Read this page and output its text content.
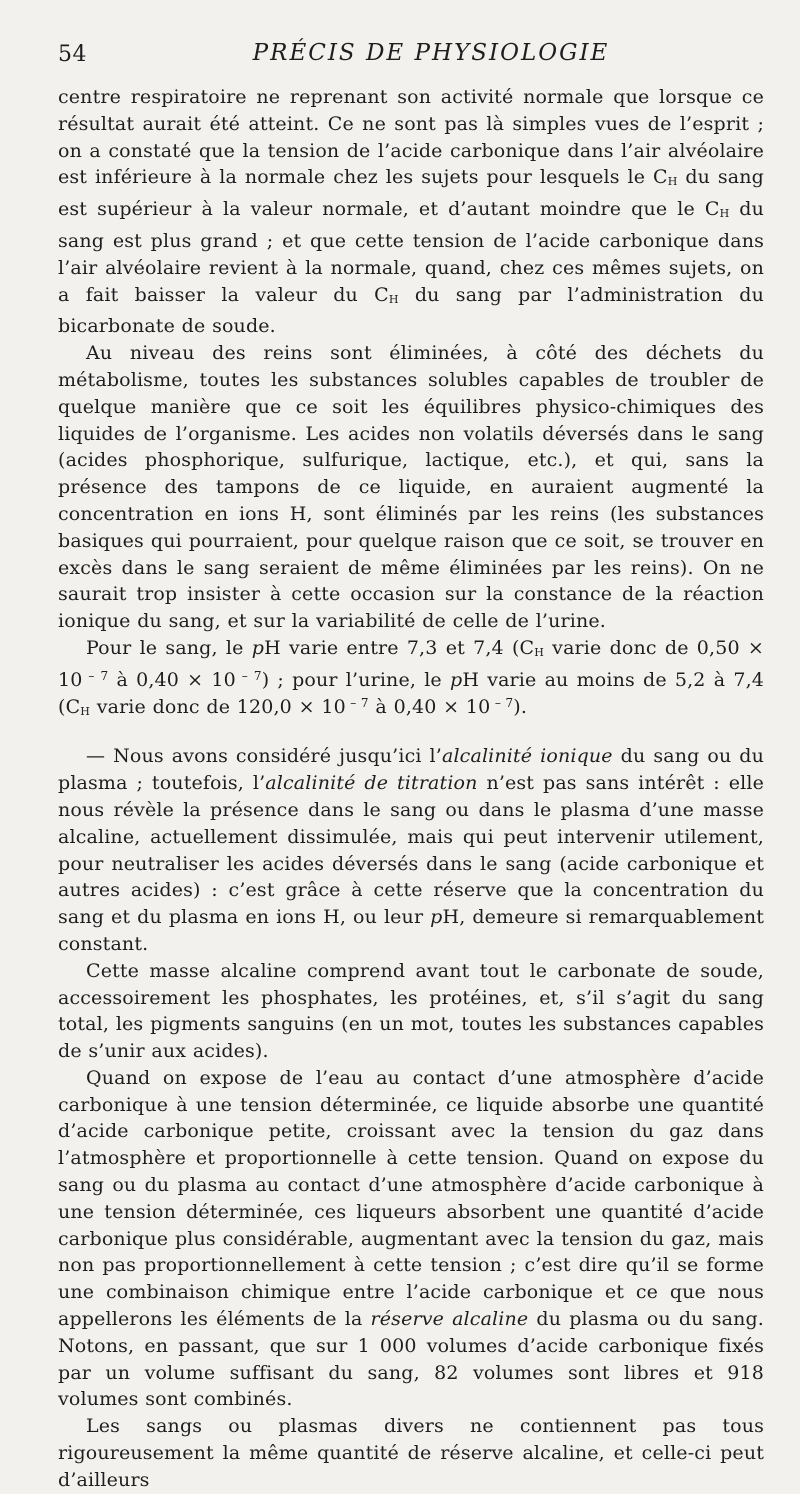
54	PRÉCIS DE PHYSIOLOGIE

centre respiratoire ne reprenant son activité normale que lorsque ce résultat aurait été atteint. Ce ne sont pas là simples vues de l’esprit ; on a constaté que la tension de l’acide carbonique dans l’air alvéolaire est inférieure à la normale chez les sujets pour lesquels le $C_H$ du sang est supérieur à la valeur normale, et d’autant moindre que le $C_H$ du sang est plus grand ; et que cette tension de l’acide carbonique dans l’air alvéolaire revient à la normale, quand, chez ces mêmes sujets, on a fait baisser la valeur du $C_H$ du sang par l’administration du bicarbonate de soude.

Au niveau des reins sont éliminées, à côté des déchets du métabolisme, toutes les substances solubles capables de troubler de quelque manière que ce soit les équilibres physico-chimiques des liquides de l’organisme. Les acides non volatils déversés dans le sang (acides phosphorique, sulfurique, lactique, etc.), et qui, sans la présence des tampons de ce liquide, en auraient augmenté la concentration en ions H, sont éliminés par les reins (les substances basiques qui pourraient, pour quelque raison que ce soit, se trouver en excès dans le sang seraient de même éliminées par les reins). On ne saurait trop insister à cette occasion sur la constance de la réaction ionique du sang, et sur la variabilité de celle de l’urine.

Pour le sang, le pH varie entre 7,3 et 7,4 ($C_H$ varie donc de 0,50 × 10 $^{- 7}$ à 0,40 × 10 $^{- 7}$) ; pour l’urine, le pH varie au moins de 5,2 à 7,4 ($C_H$ varie donc de 120,0 × 10 $^{- 7}$ à 0,40 × 10 $^{- 7}$).

— Nous avons considéré jusqu’ici l’alcalinité ionique du sang ou du plasma ; toutefois, l’alcalinité de titration n’est pas sans intérêt : elle nous révèle la présence dans le sang ou dans le plasma d’une masse alcaline, actuellement dissimulée, mais qui peut intervenir utilement, pour neutraliser les acides déversés dans le sang (acide carbonique et autres acides) : c’est grâce à cette réserve que la concentration du sang et du plasma en ions H, ou leur pH, demeure si remarquablement constant.

Cette masse alcaline comprend avant tout le carbonate de soude, accessoirement les phosphates, les protéines, et, s’il s’agit du sang total, les pigments sanguins (en un mot, toutes les substances capables de s’unir aux acides).

Quand on expose de l’eau au contact d’une atmosphère d’acide carbonique à une tension déterminée, ce liquide absorbe une quantité d’acide carbonique petite, croissant avec la tension du gaz dans l’atmosphère et proportionnelle à cette tension. Quand on expose du sang ou du plasma au contact d’une atmosphère d’acide carbonique à une tension déterminée, ces liqueurs absorbent une quantité d’acide carbonique plus considérable, augmentant avec la tension du gaz, mais non pas proportionnellement à cette tension ; c’est dire qu’il se forme une combinaison chimique entre l’acide carbonique et ce que nous appellerons les éléments de la réserve alcaline du plasma ou du sang. Notons, en passant, que sur 1 000 volumes d’acide carbonique fixés par un volume suffisant du sang, 82 volumes sont libres et 918 volumes sont combinés.

Les sangs ou plasmas divers ne contiennent pas tous rigoureusement la même quantité de réserve alcaline, et celle-ci peut d’ailleurs
